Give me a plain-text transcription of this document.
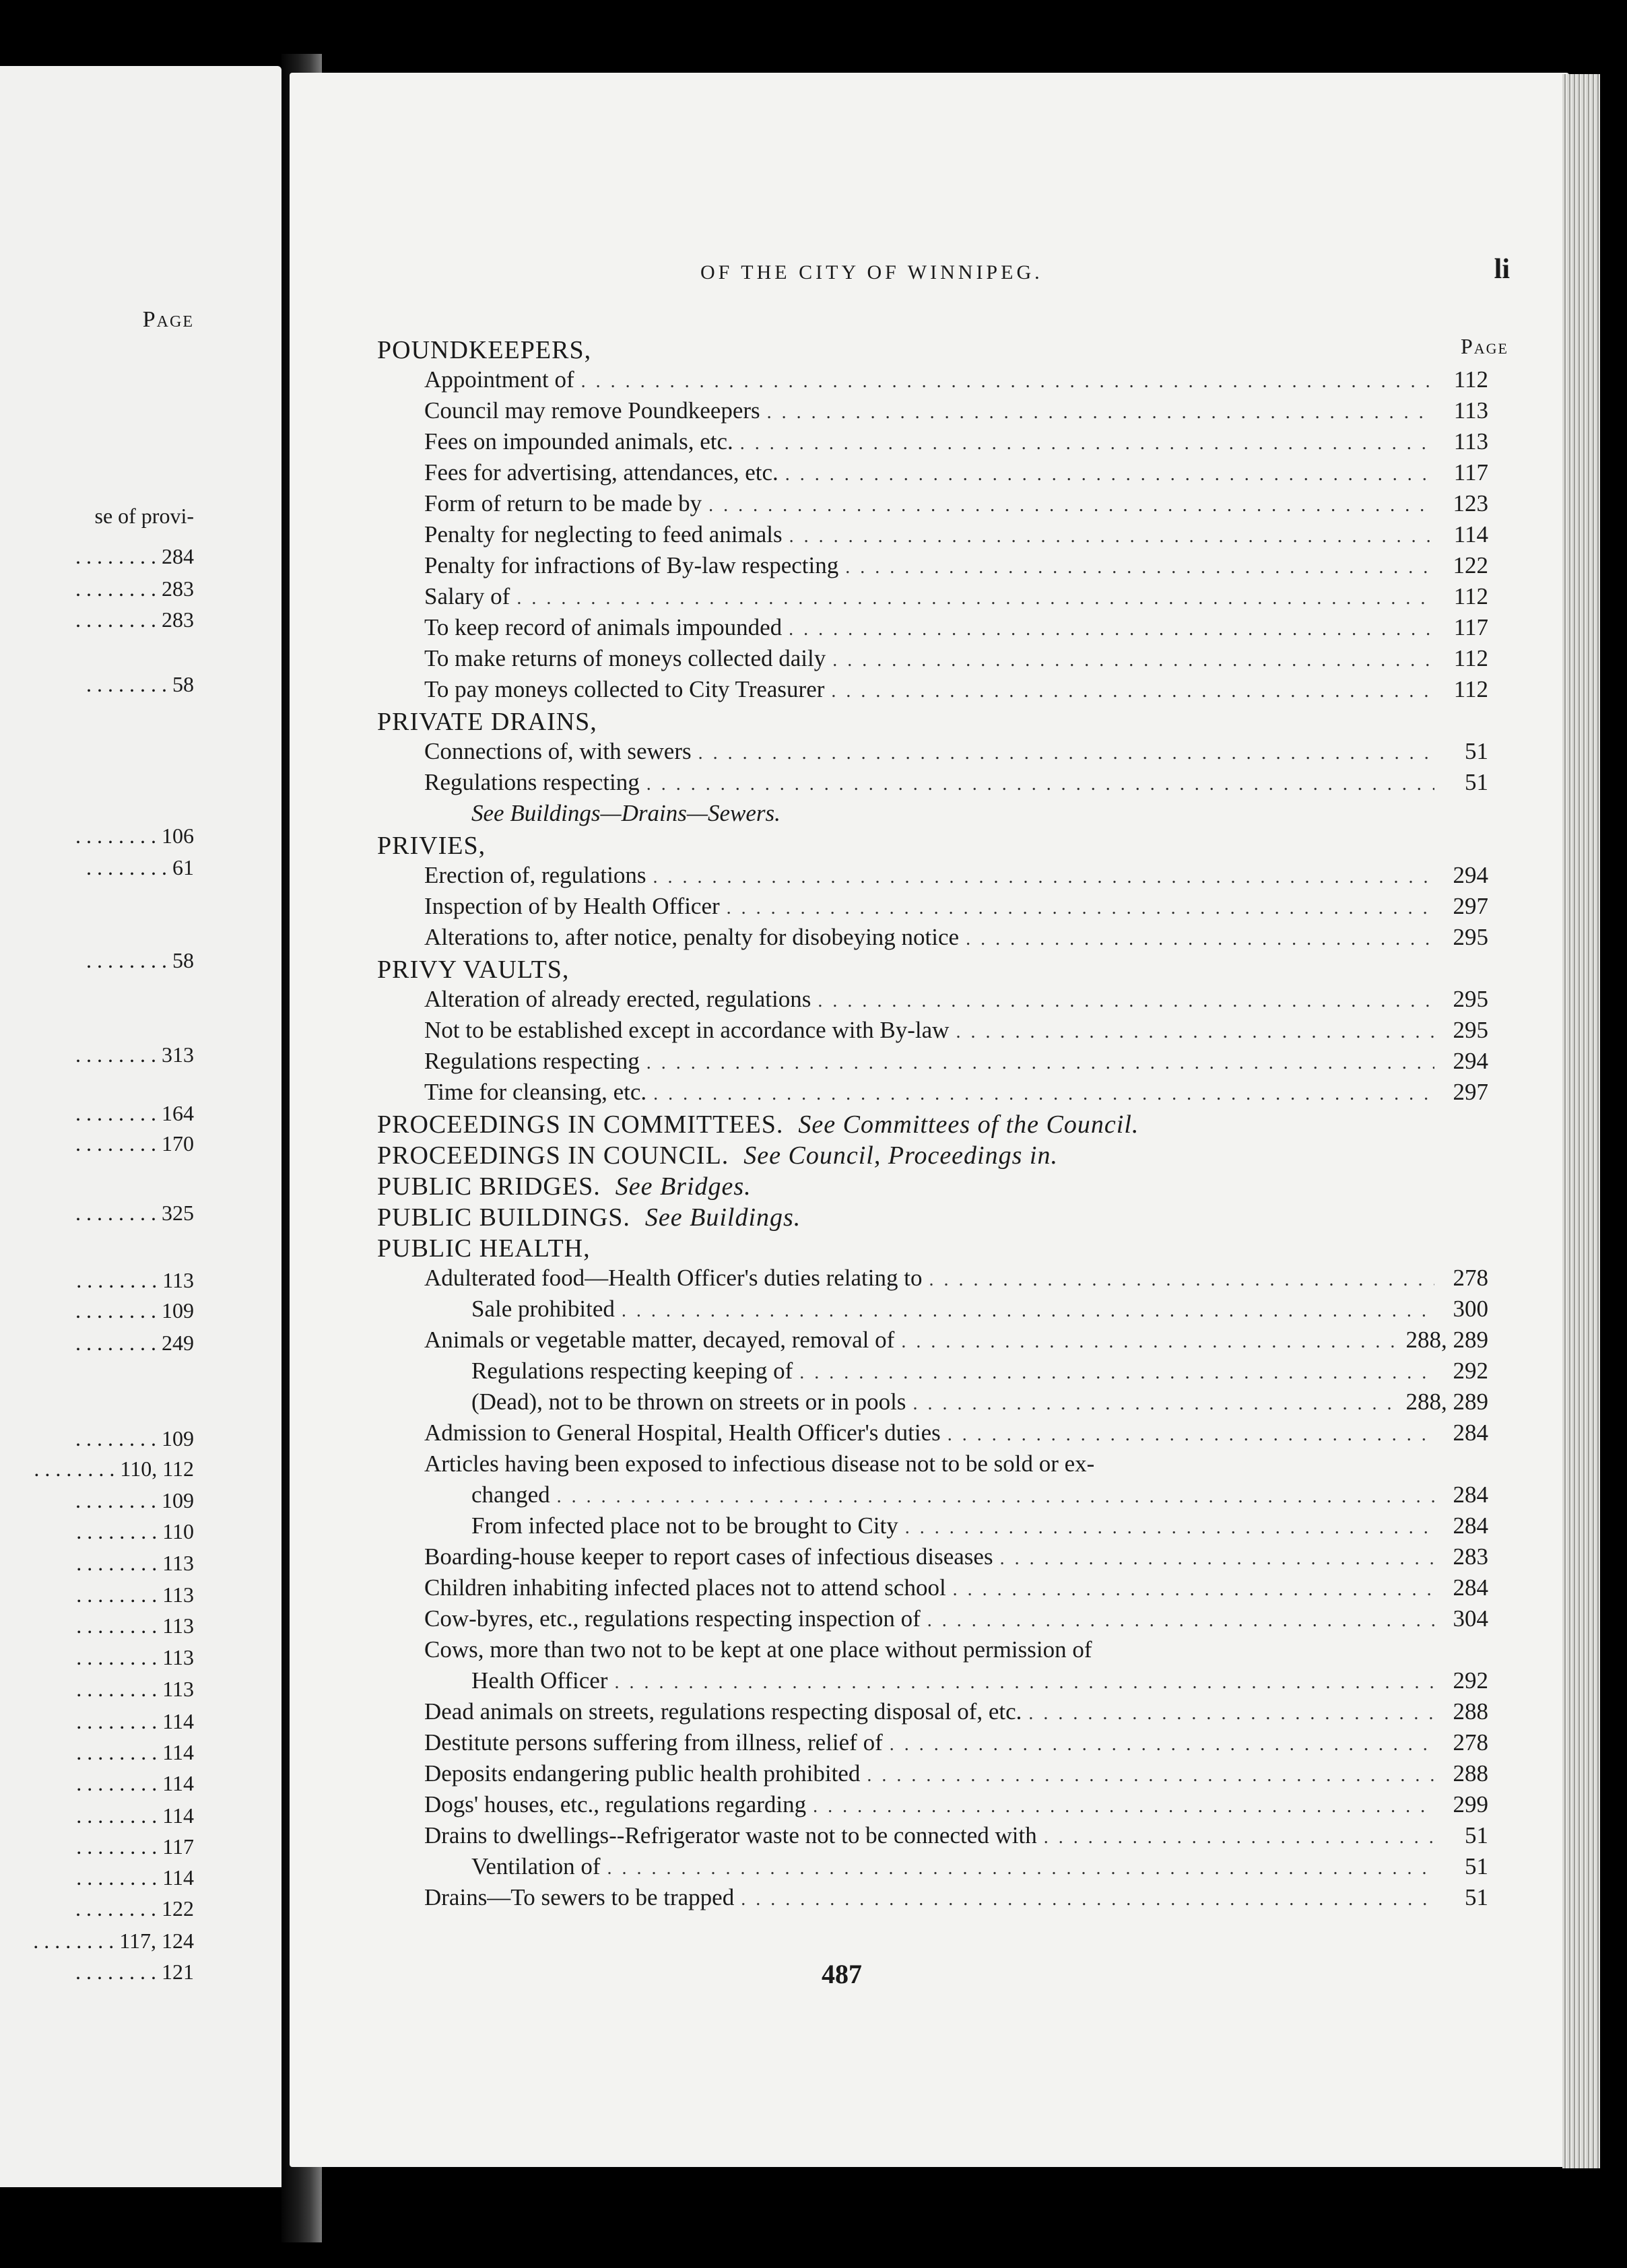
Page
se of provi-
. . . . . . . . 284
. . . . . . . . 283
. . . . . . . . 283
. . . . . . . . 58
. . . . . . . . 106
. . . . . . . . 61
. . . . . . . . 58
. . . . . . . . 313
. . . . . . . . 164
. . . . . . . . 170
. . . . . . . . 325
. . . . . . . . 113
. . . . . . . . 109
. . . . . . . . 249
. . . . . . . . 109
. . . . . . . . 110, 112
. . . . . . . . 109
. . . . . . . . 110
. . . . . . . . 113
. . . . . . . . 113
. . . . . . . . 113
. . . . . . . . 113
. . . . . . . . 113
. . . . . . . . 114
. . . . . . . . 114
. . . . . . . . 114
. . . . . . . . 114
. . . . . . . . 117
. . . . . . . . 114
. . . . . . . . 122
. . . . . . . . 117, 124
. . . . . . . . 121
OF THE CITY OF WINNIPEG.	li
Page
POUNDKEEPERS,
Appointment of . . .	112
Council may remove Poundkeepers . . .	113
Fees on impounded animals, etc. . . .	113
Fees for advertising, attendances, etc. . . .	117
Form of return to be made by . . .	123
Penalty for neglecting to feed animals . . .	114
Penalty for infractions of By-law respecting . . .	122
Salary of . . .	112
To keep record of animals impounded . . .	117
To make returns of moneys collected daily . . .	112
To pay moneys collected to City Treasurer . . .	112
PRIVATE DRAINS,
Connections of, with sewers . . .	51
Regulations respecting . . .	51
See Buildings—Drains—Sewers.
PRIVIES,
Erection of, regulations . . .	294
Inspection of by Health Officer . . .	297
Alterations to, after notice, penalty for disobeying notice . . .	295
PRIVY VAULTS,
Alteration of already erected, regulations . . .	295
Not to be established except in accordance with By-law . . .	295
Regulations respecting . . .	294
Time for cleansing, etc. . . .	297
PROCEEDINGS IN COMMITTEES. See Committees of the Council.
PROCEEDINGS IN COUNCIL. See Council, Proceedings in.
PUBLIC BRIDGES. See Bridges.
PUBLIC BUILDINGS. See Buildings.
PUBLIC HEALTH,
Adulterated food—Health Officer's duties relating to . . .	278
Sale prohibited . . .	300
Animals or vegetable matter, decayed, removal of . . .	288, 289
Regulations respecting keeping of . . .	292
(Dead), not to be thrown on streets or in pools . . .	288, 289
Admission to General Hospital, Health Officer's duties . . .	284
Articles having been exposed to infectious disease not to be sold or ex-
changed . . .	284
From infected place not to be brought to City . . .	284
Boarding-house keeper to report cases of infectious diseases . . .	283
Children inhabiting infected places not to attend school . . .	284
Cow-byres, etc., regulations respecting inspection of . . .	304
Cows, more than two not to be kept at one place without permission of
Health Officer . . .	292
Dead animals on streets, regulations respecting disposal of, etc. . . .	288
Destitute persons suffering from illness, relief of . . .	278
Deposits endangering public health prohibited . . .	288
Dogs' houses, etc., regulations regarding . . .	299
Drains to dwellings--Refrigerator waste not to be connected with . . .	51
Ventilation of . . .	51
Drains—To sewers to be trapped . . .	51
487
